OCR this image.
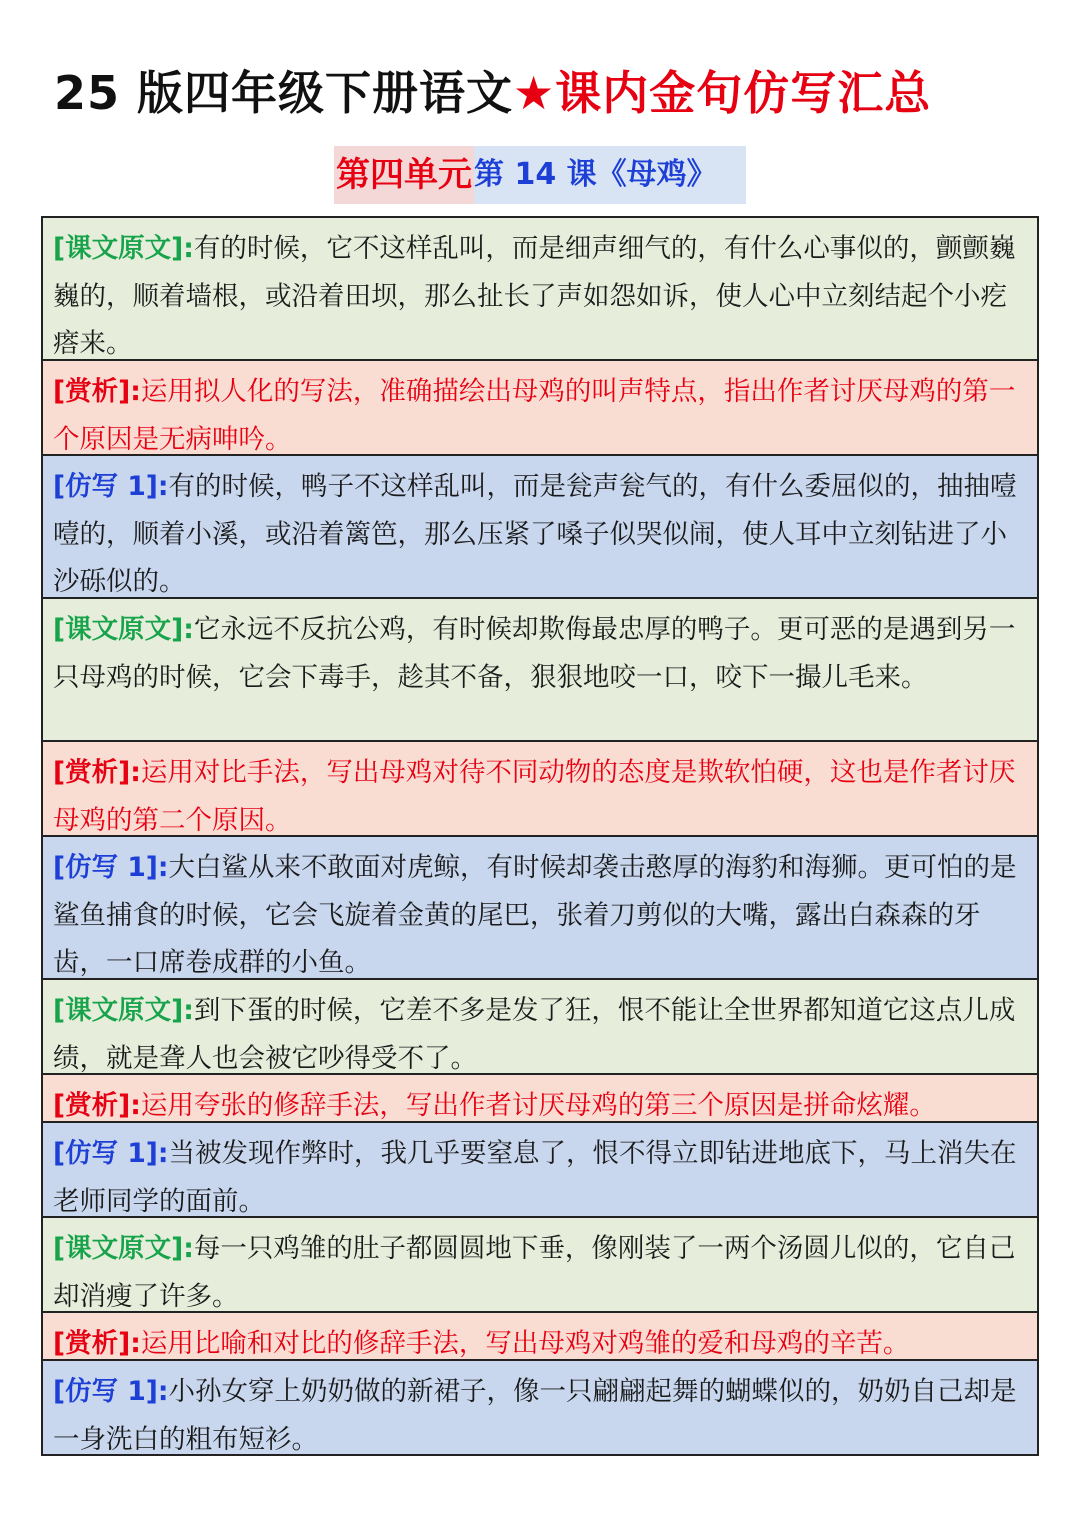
25 版四年级下册语文★课内金句仿写汇总
第四单元 第 14 课《母鸡》
[课文原文]:有的时候，它不这样乱叫，而是细声细气的，有什么心事似的，颤颤巍巍的，顺着墙根，或沿着田坝，那么扯长了声如怨如诉，使人心中立刻结起个小疙瘩来。
[赏析]:运用拟人化的写法，准确描绘出母鸡的叫声特点，指出作者讨厌母鸡的第一个原因是无病呻吟。
[仿写 1]:有的时候，鸭子不这样乱叫，而是瓮声瓮气的，有什么委屈似的，抽抽噎噎的，顺着小溪，或沿着篱笆，那么压紧了嗓子似哭似闹，使人耳中立刻钻进了小沙砾似的。
[课文原文]:它永远不反抗公鸡，有时候却欺侮最忠厚的鸭子。更可恶的是遇到另一只母鸡的时候，它会下毒手，趁其不备，狠狠地咬一口，咬下一撮儿毛来。
[赏析]:运用对比手法，写出母鸡对待不同动物的态度是欺软怕硬，这也是作者讨厌母鸡的第二个原因。
[仿写 1]:大白鲨从来不敢面对虎鲸，有时候却袭击憨厚的海豹和海狮。更可怕的是鲨鱼捕食的时候，它会飞旋着金黄的尾巴，张着刀剪似的大嘴，露出白森森的牙齿，一口席卷成群的小鱼。
[课文原文]:到下蛋的时候，它差不多是发了狂，恨不能让全世界都知道它这点儿成绩，就是聋人也会被它吵得受不了。
[赏析]:运用夸张的修辞手法，写出作者讨厌母鸡的第三个原因是拼命炫耀。
[仿写 1]:当被发现作弊时，我几乎要窒息了，恨不得立即钻进地底下，马上消失在老师同学的面前。
[课文原文]:每一只鸡雏的肚子都圆圆地下垂，像刚装了一两个汤圆儿似的，它自己却消瘦了许多。
[赏析]:运用比喻和对比的修辞手法，写出母鸡对鸡雏的爱和母鸡的辛苦。
[仿写 1]:小孙女穿上奶奶做的新裙子，像一只翩翩起舞的蝴蝶似的，奶奶自己却是一身洗白的粗布短衫。
